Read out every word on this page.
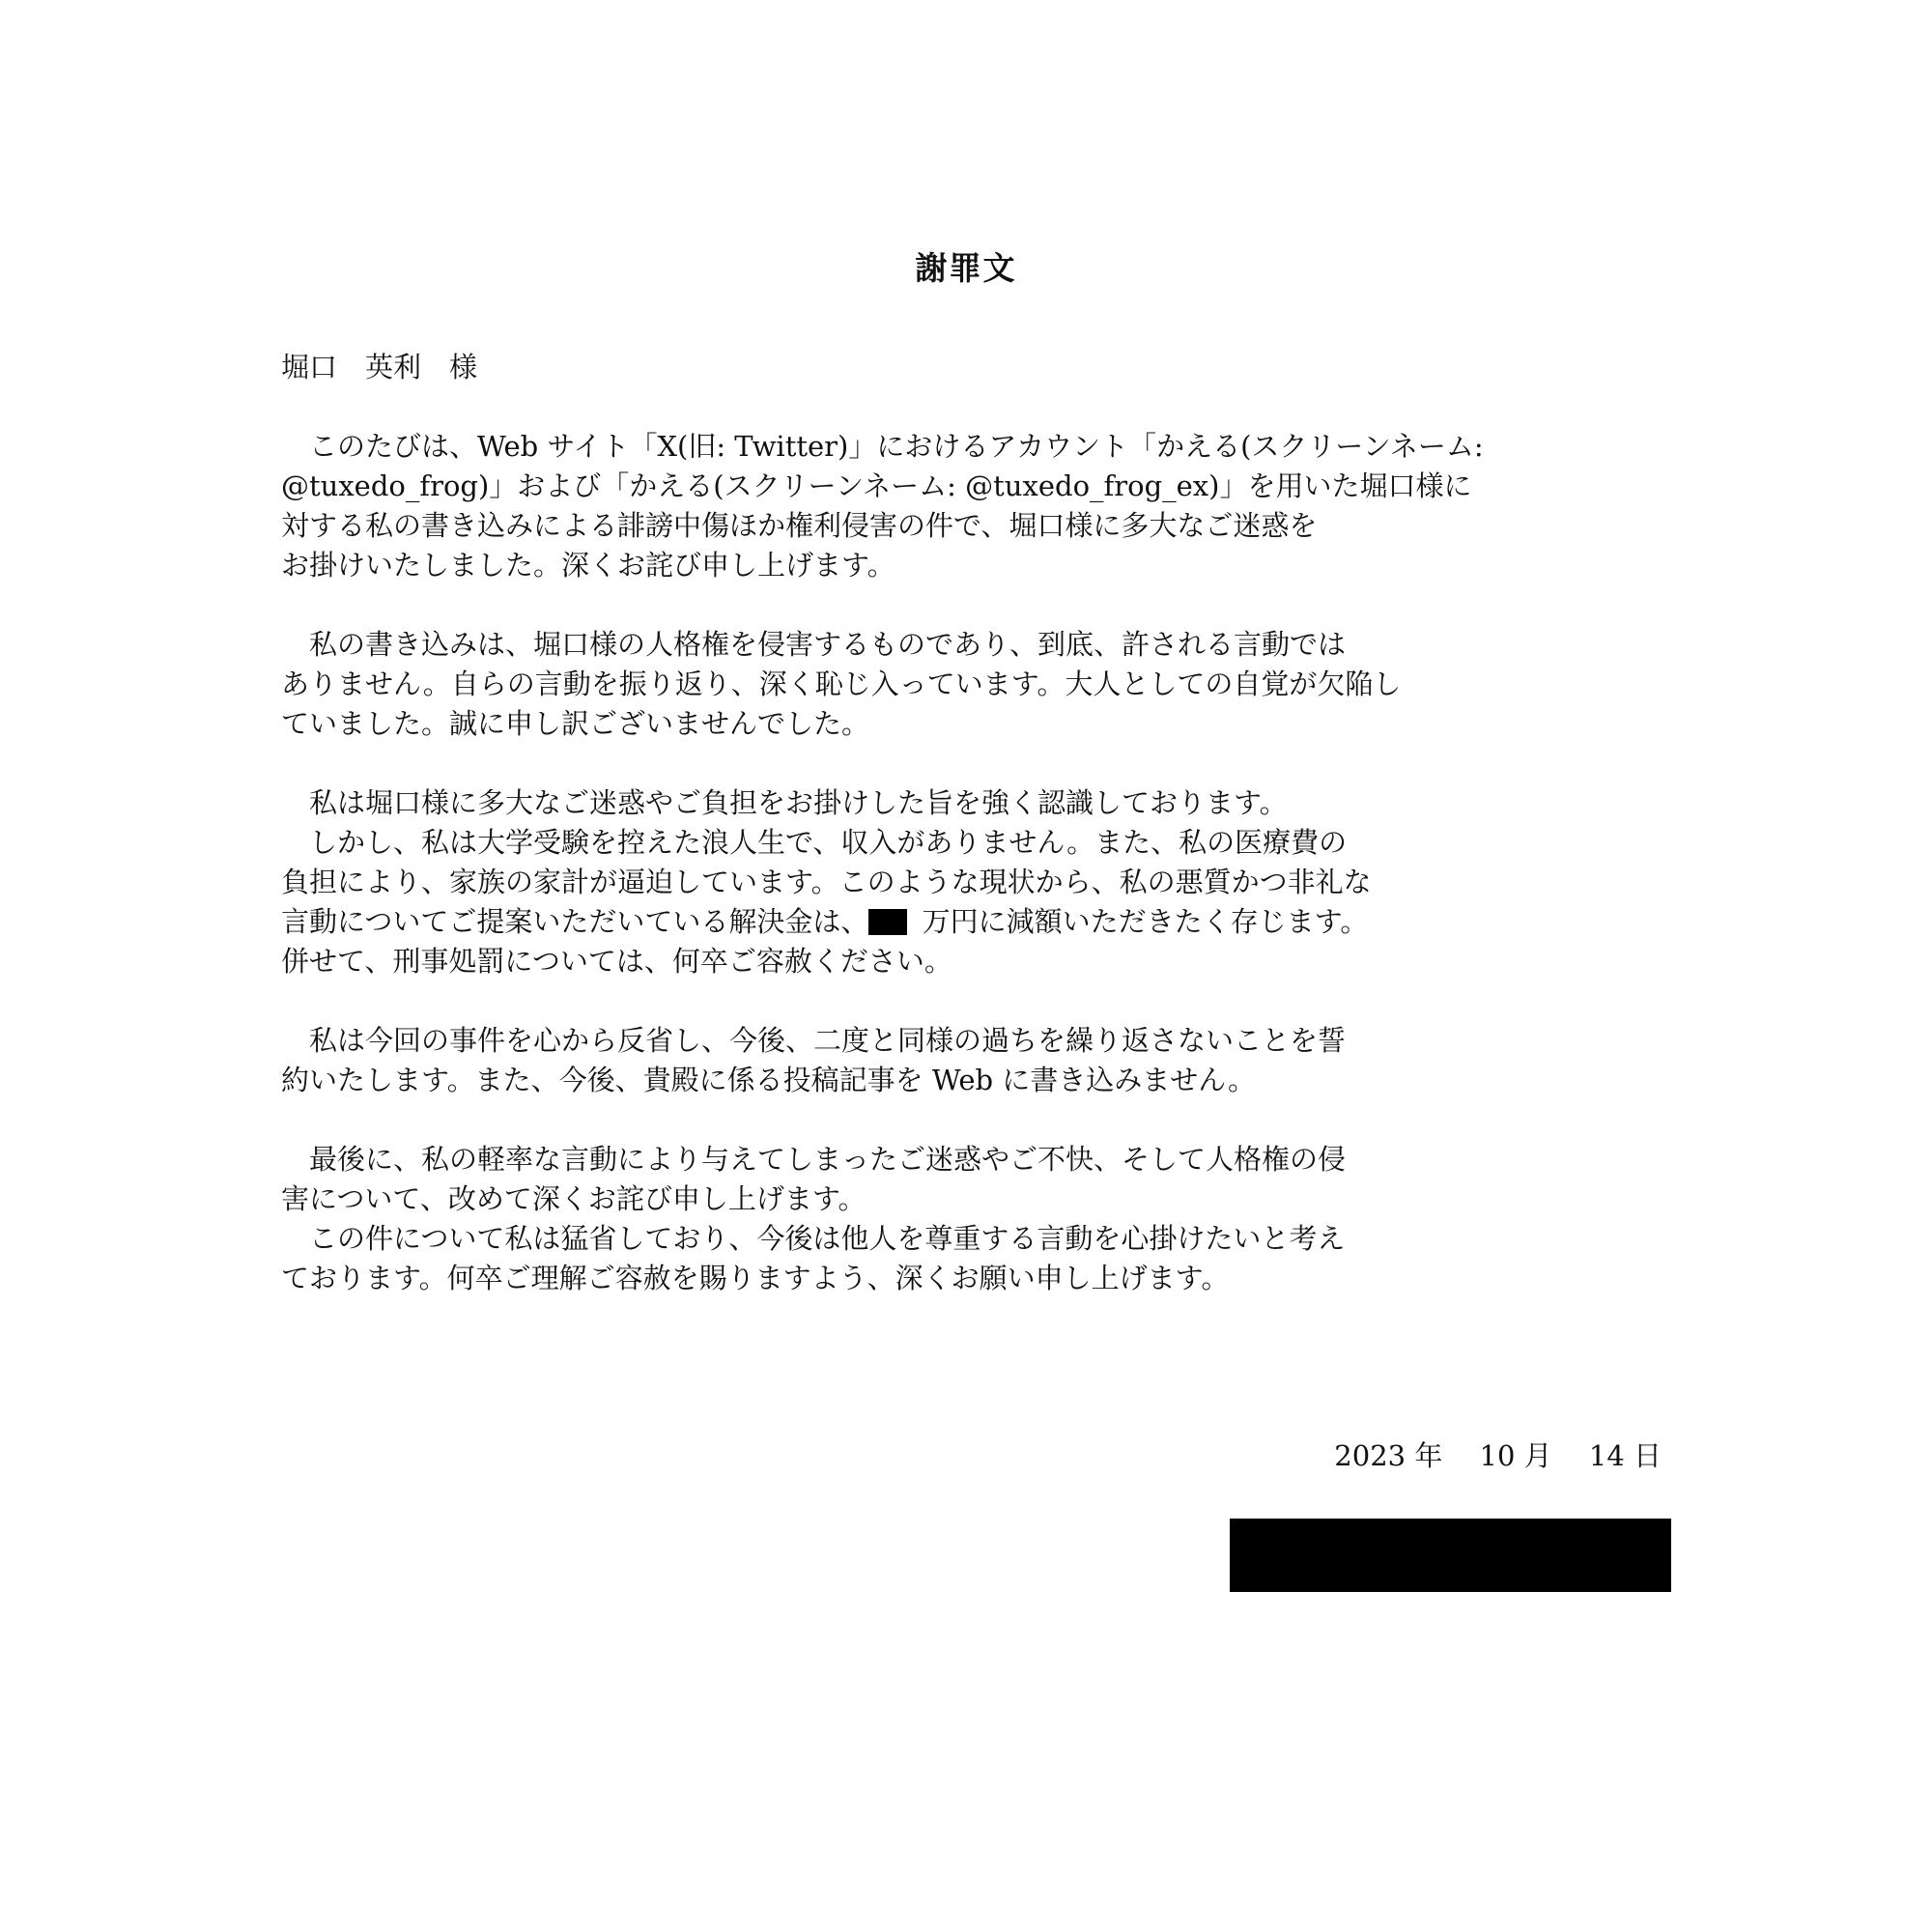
謝罪文
堀口　英利　様
　このたびは、Web サイト「X(旧: Twitter)」におけるアカウント「かえる(スクリーンネーム:
@tuxedo_frog)」および「かえる(スクリーンネーム: @tuxedo_frog_ex)」を用いた堀口様に
対する私の書き込みによる誹謗中傷ほか権利侵害の件で、堀口様に多大なご迷惑を
お掛けいたしました。深くお詫び申し上げます。
　私の書き込みは、堀口様の人格権を侵害するものであり、到底、許される言動では
ありません。自らの言動を振り返り、深く恥じ入っています。大人としての自覚が欠陥し
ていました。誠に申し訳ございませんでした。
　私は堀口様に多大なご迷惑やご負担をお掛けした旨を強く認識しております。
　しかし、私は大学受験を控えた浪人生で、収入がありません。また、私の医療費の
負担により、家族の家計が逼迫しています。このような現状から、私の悪質かつ非礼な
言動についてご提案いただいている解決金は、 万円に減額いただきたく存じます。
併せて、刑事処罰については、何卒ご容赦ください。
　私は今回の事件を心から反省し、今後、二度と同様の過ちを繰り返さないことを誓
約いたします。また、今後、貴殿に係る投稿記事を Web に書き込みません。
　最後に、私の軽率な言動により与えてしまったご迷惑やご不快、そして人格権の侵
害について、改めて深くお詫び申し上げます。
　この件について私は猛省しており、今後は他人を尊重する言動を心掛けたいと考え
ております。何卒ご理解ご容赦を賜りますよう、深くお願い申し上げます。
2023 年　 10 月　 14 日
